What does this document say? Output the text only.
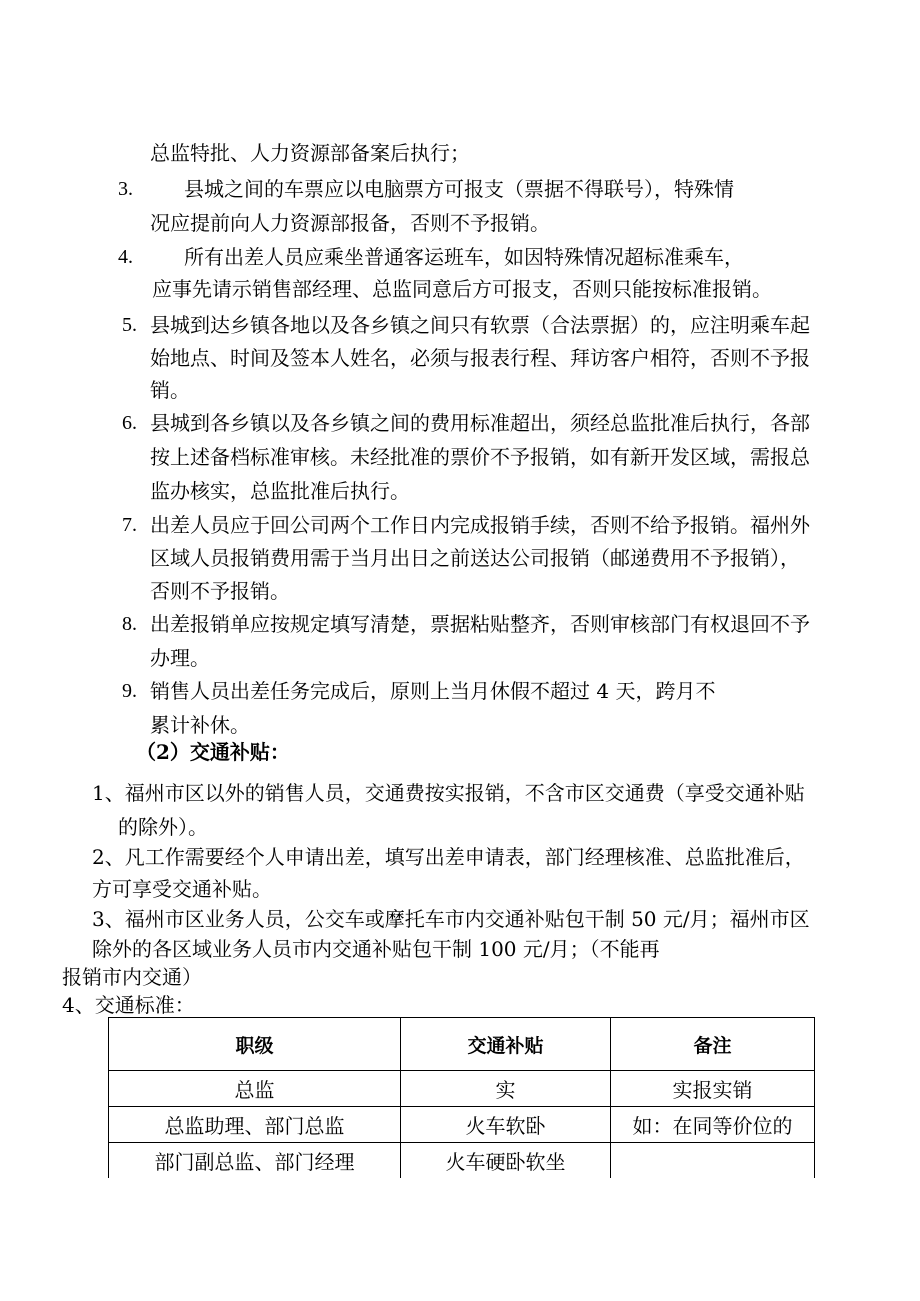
总监特批、人力资源部备案后执行；
3.	县城之间的车票应以电脑票方可报支（票据不得联号），特殊情
况应提前向人力资源部报备，否则不予报销。
4.	所有出差人员应乘坐普通客运班车，如因特殊情况超标准乘车，
应事先请示销售部经理、总监同意后方可报支，否则只能按标准报销。
5. 县城到达乡镇各地以及各乡镇之间只有软票（合法票据）的，应注明乘车起
始地点、时间及签本人姓名，必须与报表行程、拜访客户相符，否则不予报
销。
6. 县城到各乡镇以及各乡镇之间的费用标准超出，须经总监批准后执行，各部
按上述备档标准审核。未经批准的票价不予报销，如有新开发区域，需报总
监办核实，总监批准后执行。
7. 出差人员应于回公司两个工作日内完成报销手续，否则不给予报销。福州外
区域人员报销费用需于当月出日之前送达公司报销（邮递费用不予报销），
否则不予报销。
8. 出差报销单应按规定填写清楚，票据粘贴整齐，否则审核部门有权退回不予
办理。
9. 销售人员出差任务完成后，原则上当月休假不超过 4 天，跨月不
累计补休。
（2）交通补贴：
1、福州市区以外的销售人员，交通费按实报销，不含市区交通费（享受交通补贴
的除外）。
2、凡工作需要经个人申请出差，填写出差申请表，部门经理核准、总监批准后，
方可享受交通补贴。
3、福州市区业务人员，公交车或摩托车市内交通补贴包干制 50 元/月；福州市区
除外的各区域业务人员市内交通补贴包干制 100 元/月；（不能再
报销市内交通）
4、交通标准：
职级	交通补贴	备注
总监	实	实报实销
总监助理、部门总监	火车软卧	如：在同等价位的
部门副总监、部门经理	火车硬卧软坐	
